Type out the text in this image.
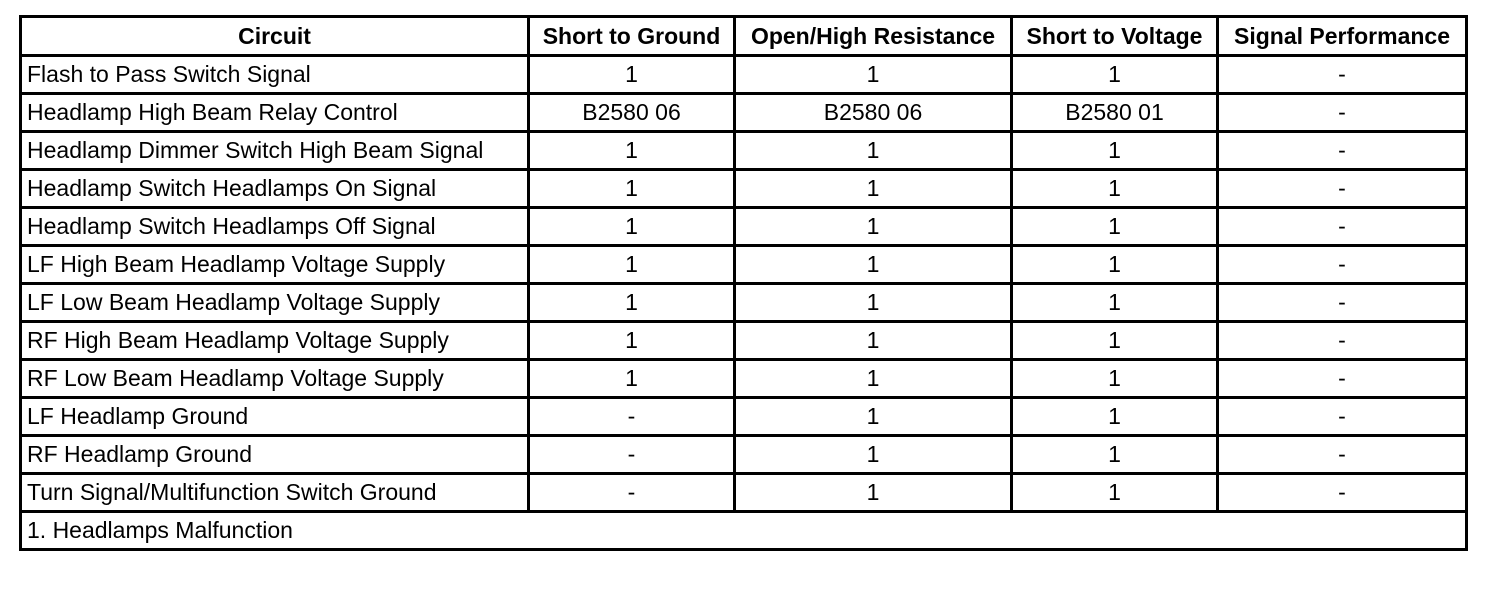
Circuit	Short to Ground	Open/High Resistance	Short to Voltage	Signal Performance
Flash to Pass Switch Signal	1	1	1	-
Headlamp High Beam Relay Control	B2580 06	B2580 06	B2580 01	-
Headlamp Dimmer Switch High Beam Signal	1	1	1	-
Headlamp Switch Headlamps On Signal	1	1	1	-
Headlamp Switch Headlamps Off Signal	1	1	1	-
LF High Beam Headlamp Voltage Supply	1	1	1	-
LF Low Beam Headlamp Voltage Supply	1	1	1	-
RF High Beam Headlamp Voltage Supply	1	1	1	-
RF Low Beam Headlamp Voltage Supply	1	1	1	-
LF Headlamp Ground	-	1	1	-
RF Headlamp Ground	-	1	1	-
Turn Signal/Multifunction Switch Ground	-	1	1	-
1. Headlamps Malfunction				
